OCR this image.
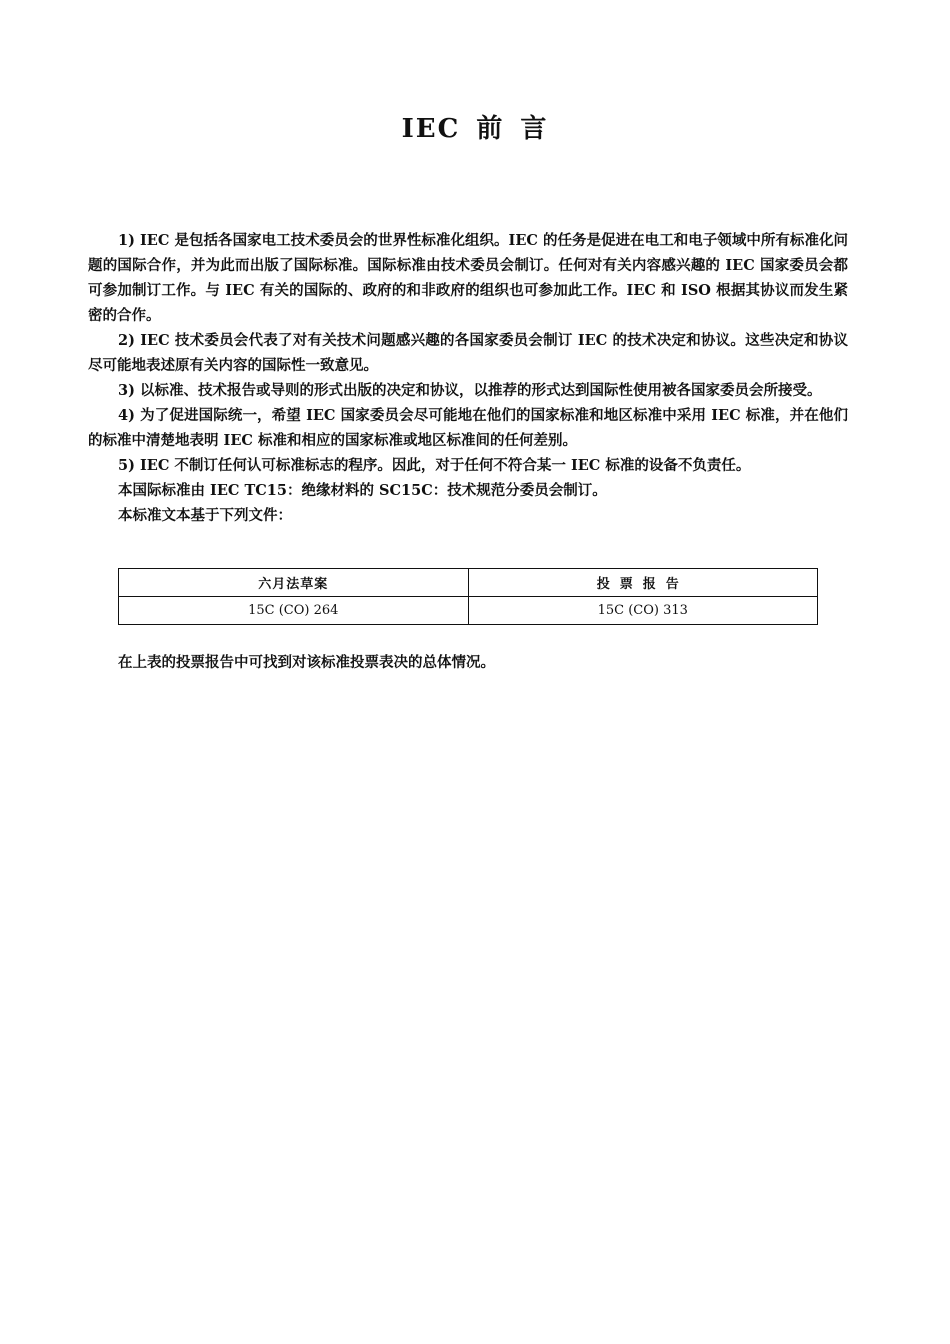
IEC 前 言

1) IEC 是包括各国家电工技术委员会的世界性标准化组织。IEC 的任务是促进在电工和电子领域中所有标准化问题的国际合作，并为此而出版了国际标准。国际标准由技术委员会制订。任何对有关内容感兴趣的 IEC 国家委员会都可参加制订工作。与 IEC 有关的国际的、政府的和非政府的组织也可参加此工作。IEC 和 ISO 根据其协议而发生紧密的合作。

2) IEC 技术委员会代表了对有关技术问题感兴趣的各国家委员会制订 IEC 的技术决定和协议。这些决定和协议尽可能地表述原有关内容的国际性一致意见。

3) 以标准、技术报告或导则的形式出版的决定和协议，以推荐的形式达到国际性使用被各国家委员会所接受。

4) 为了促进国际统一，希望 IEC 国家委员会尽可能地在他们的国家标准和地区标准中采用 IEC 标准，并在他们的标准中清楚地表明 IEC 标准和相应的国家标准或地区标准间的任何差别。

5) IEC 不制订任何认可标准标志的程序。因此，对于任何不符合某一 IEC 标准的设备不负责任。

本国际标准由 IEC TC15：绝缘材料的 SC15C：技术规范分委员会制订。

本标准文本基于下列文件：

六月法草案	投票报告
15C (CO) 264	15C (CO) 313
在上表的投票报告中可找到对该标准投票表决的总体情况。
